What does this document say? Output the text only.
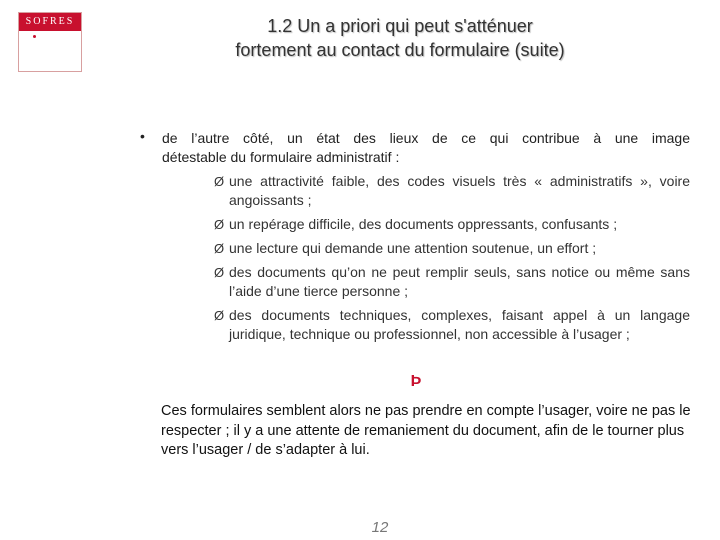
SOFRES	1.2 Un a priori qui peut s'atténuer
fortement au contact du formulaire (suite)
• de l’autre côté, un état des lieux de ce qui contribue à une image
détestable du formulaire administratif :
Ø une attractivité faible, des codes visuels très « administratifs », voire angoissants ;
Ø un repérage difficile, des documents oppressants, confusants ;
Ø une lecture qui demande une attention soutenue, un effort ;
Ø des documents qu’on ne peut remplir seuls, sans notice ou même sans l’aide d’une tierce personne ;
Ø des documents techniques, complexes, faisant appel à un langage juridique, technique ou professionnel, non accessible à l’usager ;
Þ
Ces formulaires semblent alors ne pas prendre en compte l’usager, voire ne pas le respecter ; il y a une attente de remaniement du document, afin de le tourner plus vers l’usager / de s’adapter à lui.
12
